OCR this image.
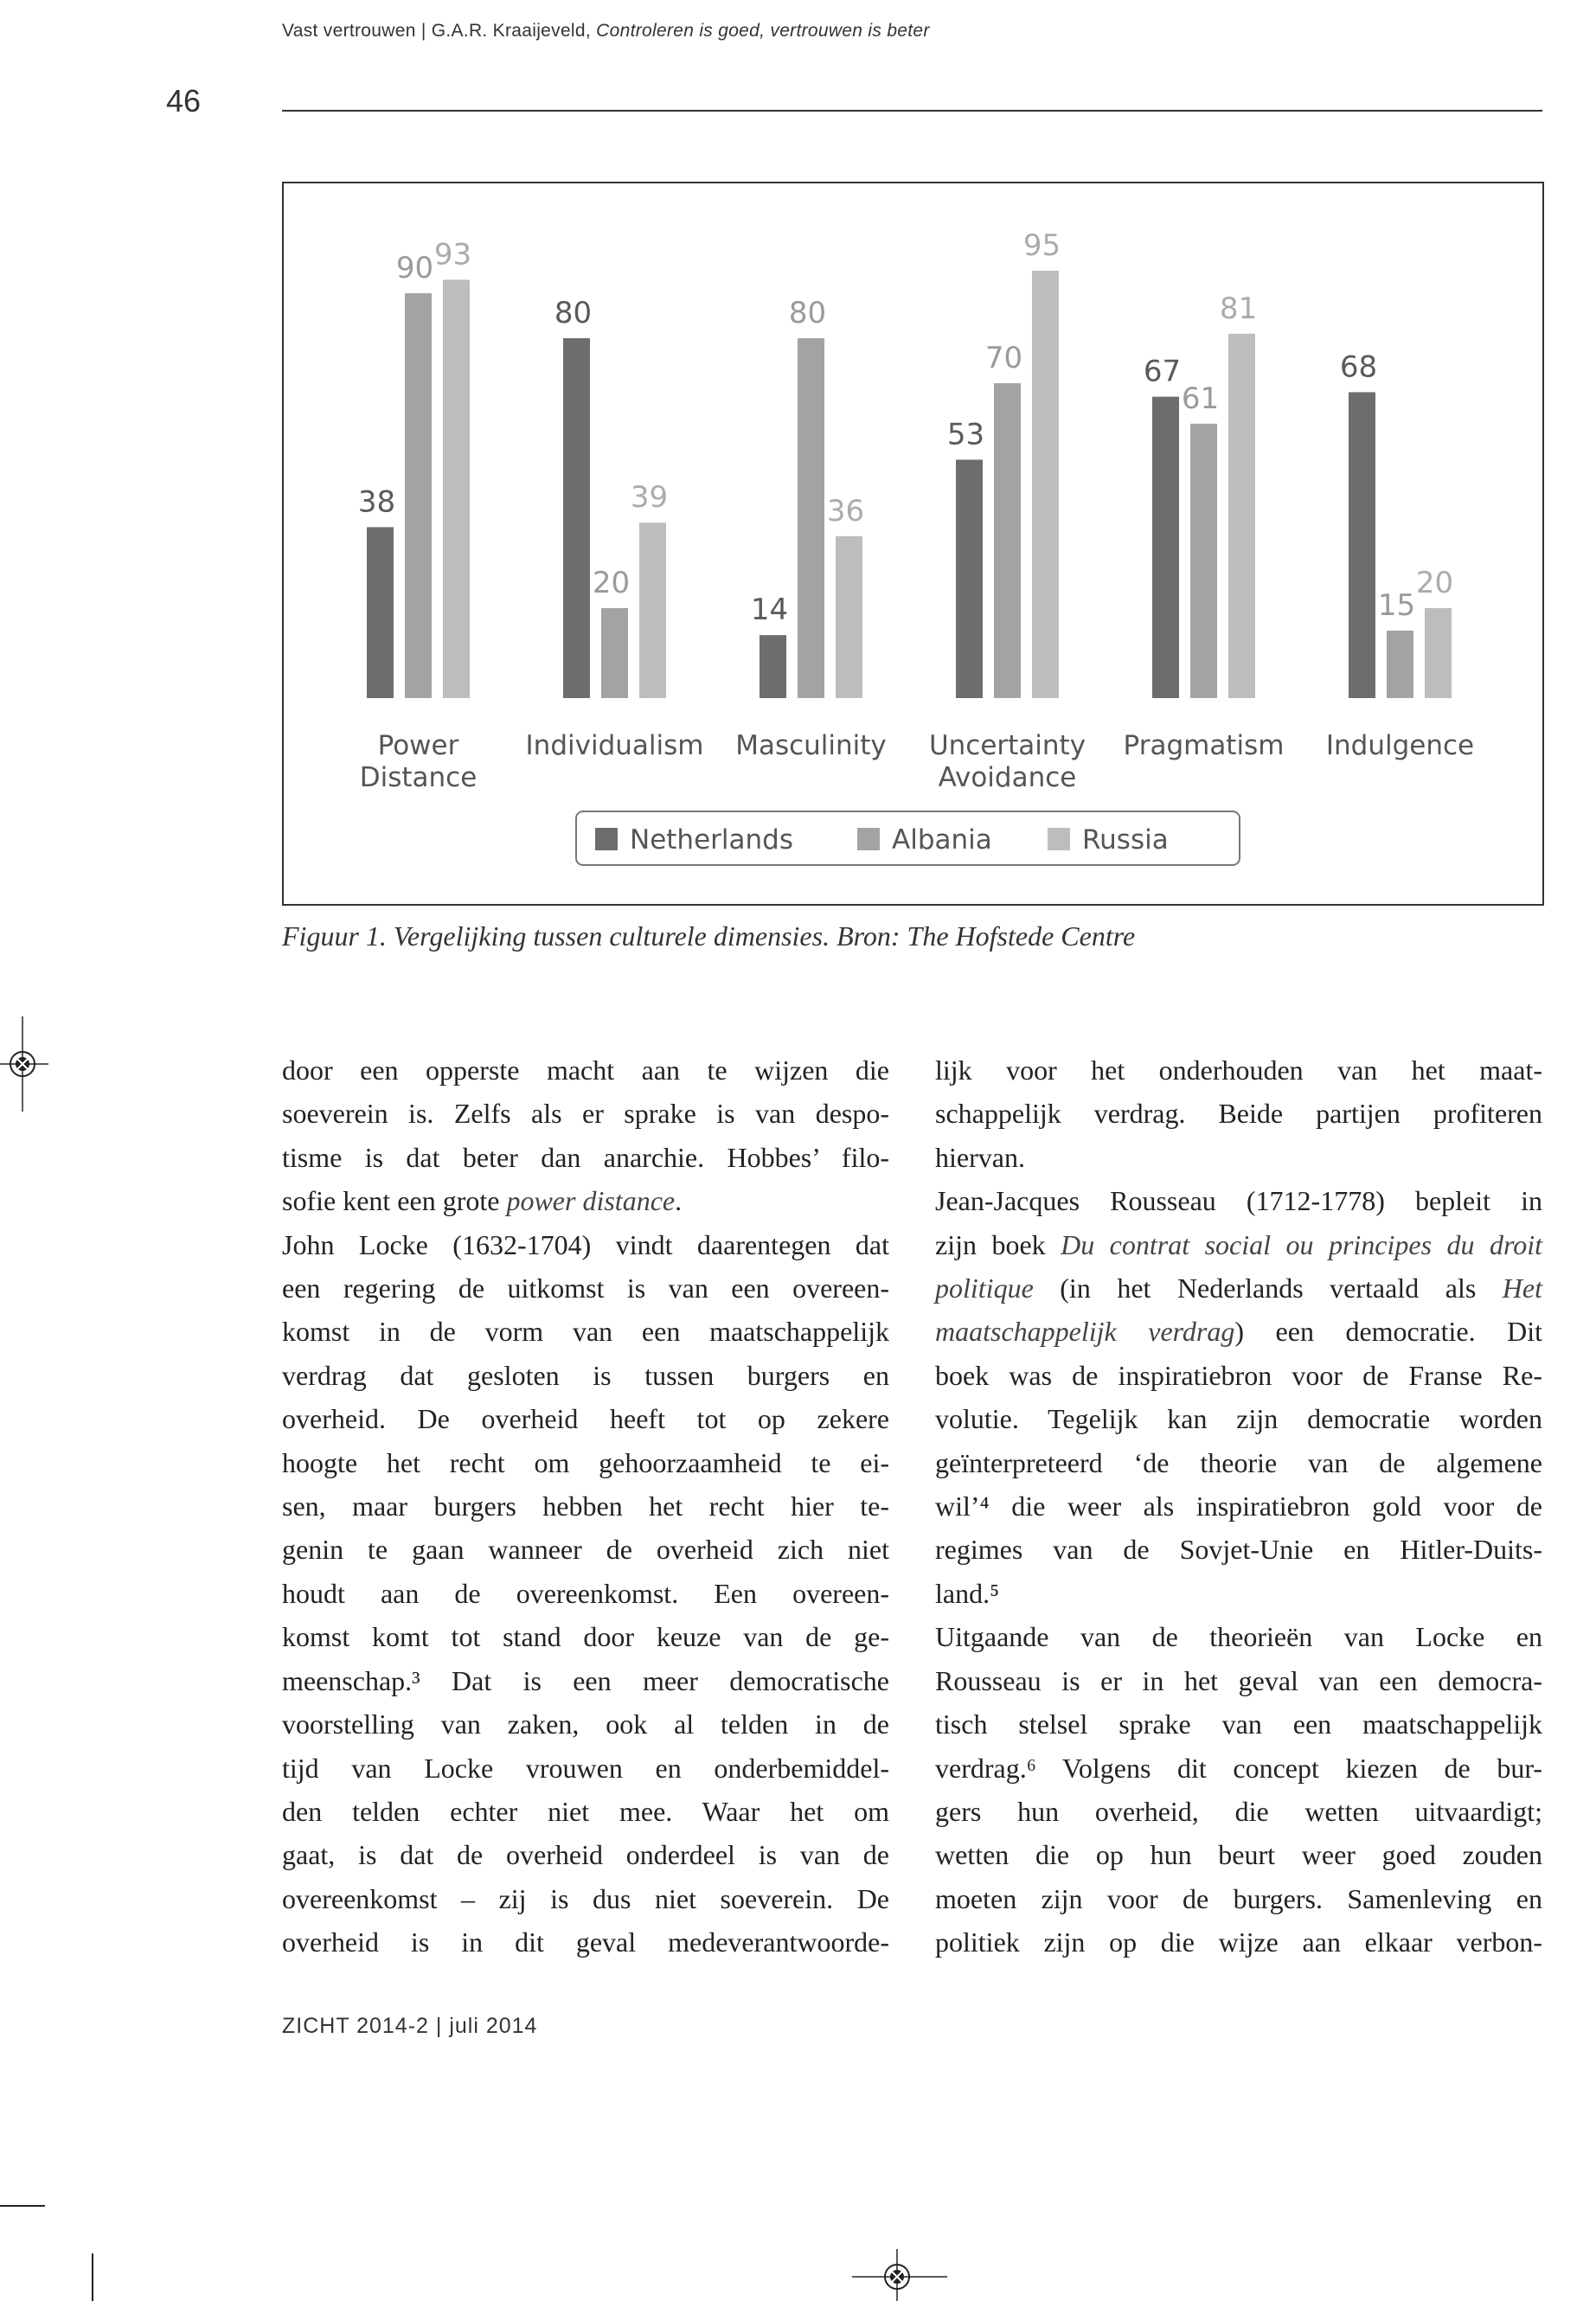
Vast vertrouwen | G.A.R. Kraaijeveld, Controleren is goed, vertrouwen is beter
46
38
90 93
Power
Distance
80
20
39
Individualism
14
80
36
Masculinity
53
70
95
Uncertainty
Avoidance
67
61
81
Pragmatism
68
15
20
Indulgence
Netherlands	Albania	Russia
Figuur 1. Vergelijking tussen culturele dimensies. Bron: The Hofstede Centre
door een opperste macht aan te wijzen die
soeverein is. Zelfs als er sprake is van despo-
tisme is dat beter dan anarchie. Hobbes’ filo-
sofie kent een grote power distance.
John Locke (1632-1704) vindt daarentegen dat
een regering de uitkomst is van een overeen-
komst in de vorm van een maatschappelijk
verdrag dat gesloten is tussen burgers en
overheid. De overheid heeft tot op zekere
hoogte het recht om gehoorzaamheid te ei-
sen, maar burgers hebben het recht hier te-
genin te gaan wanneer de overheid zich niet
houdt aan de overeenkomst. Een overeen-
komst komt tot stand door keuze van de ge-
meenschap.³ Dat is een meer democratische
voorstelling van zaken, ook al telden in de
tijd van Locke vrouwen en onderbemiddel-
den telden echter niet mee. Waar het om
gaat, is dat de overheid onderdeel is van de
overeenkomst – zij is dus niet soeverein. De
overheid is in dit geval medeverantwoorde-
lijk voor het onderhouden van het maat-
schappelijk verdrag. Beide partijen profiteren
hiervan.
Jean-Jacques Rousseau (1712-1778) bepleit in
zijn boek Du contrat social ou principes du droit
politique (in het Nederlands vertaald als Het
maatschappelijk verdrag) een democratie. Dit
boek was de inspiratiebron voor de Franse Re-
volutie. Tegelijk kan zijn democratie worden
geïnterpreteerd ‘de theorie van de algemene
wil’⁴ die weer als inspiratiebron gold voor de
regimes van de Sovjet-Unie en Hitler-Duits-
land.⁵
Uitgaande van de theorieën van Locke en
Rousseau is er in het geval van een democra-
tisch stelsel sprake van een maatschappelijk
verdrag.⁶ Volgens dit concept kiezen de bur-
gers hun overheid, die wetten uitvaardigt;
wetten die op hun beurt weer goed zouden
moeten zijn voor de burgers. Samenleving en
politiek zijn op die wijze aan elkaar verbon-
ZICHT 2014-2 | juli 2014
